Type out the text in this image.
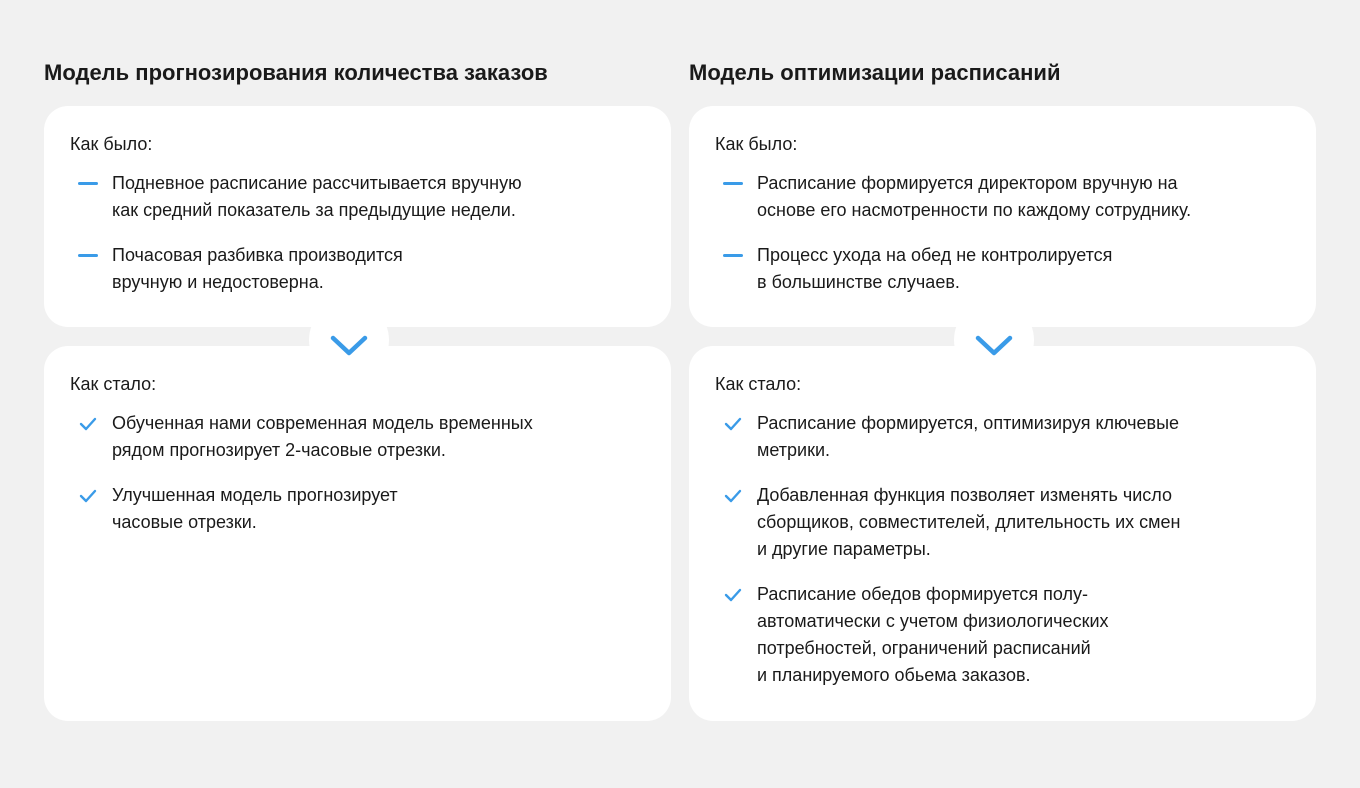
Модель прогнозирования количества заказов
Как было:
Подневное расписание рассчитывается вручную
как средний показатель за предыдущие недели.
Почасовая разбивка производится
вручную и недостоверна.
Как стало:
Обученная нами современная модель временных
рядом прогнозирует 2-часовые отрезки.
Улучшенная модель прогнозирует
часовые отрезки.
Модель оптимизации расписаний
Как было:
Расписание формируется директором вручную на
основе его насмотренности по каждому сотруднику.
Процесс ухода на обед не контролируется
в большинстве случаев.
Как стало:
Расписание формируется, оптимизируя ключевые
метрики.
Добавленная функция позволяет изменять число
сборщиков, совместителей, длительность их смен
и другие параметры.
Расписание обедов формируется полу-
автоматически с учетом физиологических
потребностей, ограничений расписаний
и планируемого обьема заказов.
